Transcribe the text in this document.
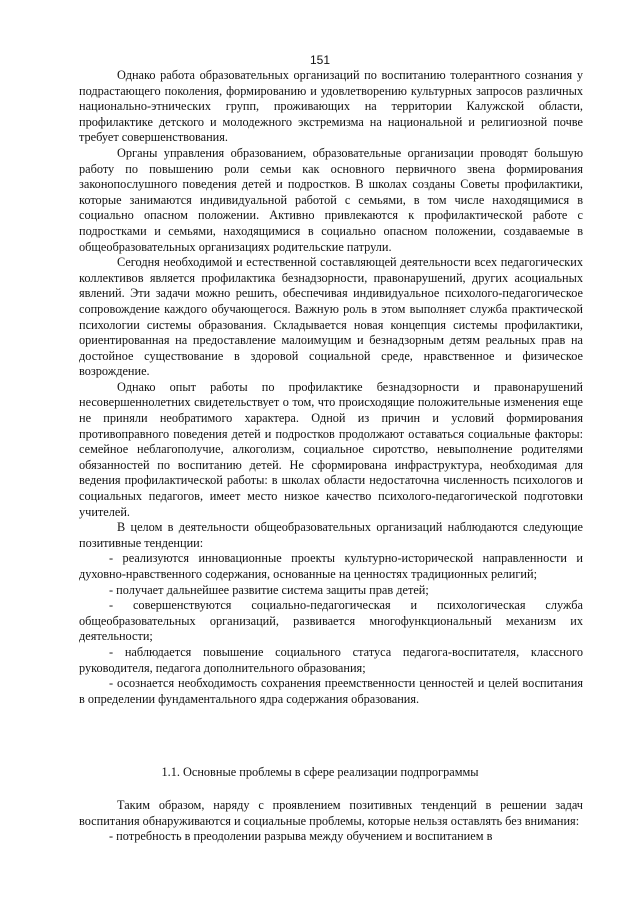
151

Однако работа образовательных организаций по воспитанию толерантного сознания у подрастающего поколения, формированию и удовлетворению культурных запросов различных национально-этнических групп, проживающих на территории Калужской области, профилактике детского и молодежного экстремизма на национальной и религиозной почве требует совершенствования.

Органы управления образованием, образовательные организации проводят большую работу по повышению роли семьи как основного первичного звена формирования законопослушного поведения детей и подростков. В школах созданы Советы профилактики, которые занимаются индивидуальной работой с семьями, в том числе находящимися в социально опасном положении. Активно привлекаются к профилактической работе с подростками и семьями, находящимися в социально опасном положении, создаваемые в общеобразовательных организациях родительские патрули.

Сегодня необходимой и естественной составляющей деятельности всех педагогических коллективов является профилактика безнадзорности, правонарушений, других асоциальных явлений. Эти задачи можно решить, обеспечивая индивидуальное психолого-педагогическое сопровождение каждого обучающегося. Важную роль в этом выполняет служба практической психологии системы образования. Складывается новая концепция системы профилактики, ориентированная на предоставление малоимущим и безнадзорным детям реальных прав на достойное существование в здоровой социальной среде, нравственное и физическое возрождение.

Однако опыт работы по профилактике безнадзорности и правонарушений несовершеннолетних свидетельствует о том, что происходящие положительные изменения еще не приняли необратимого характера. Одной из причин и условий формирования противоправного поведения детей и подростков продолжают оставаться социальные факторы: семейное неблагополучие, алкоголизм, социальное сиротство, невыполнение родителями обязанностей по воспитанию детей. Не сформирована инфраструктура, необходимая для ведения профилактической работы: в школах области недостаточна численность психологов и социальных педагогов, имеет место низкое качество психолого-педагогической подготовки учителей.

В целом в деятельности общеобразовательных организаций наблюдаются следующие позитивные тенденции:

- реализуются инновационные проекты культурно-исторической направленности и духовно-нравственного содержания, основанные на ценностях традиционных религий;

- получает дальнейшее развитие система защиты прав детей;

- совершенствуются социально-педагогическая и психологическая служба общеобразовательных организаций, развивается многофункциональный механизм их деятельности;

- наблюдается повышение социального статуса педагога-воспитателя, классного руководителя, педагога дополнительного образования;

- осознается необходимость сохранения преемственности ценностей и целей воспитания в определении фундаментального ядра содержания образования.

1.1. Основные проблемы в сфере реализации подпрограммы

Таким образом, наряду с проявлением позитивных тенденций в решении задач воспитания обнаруживаются и социальные проблемы, которые нельзя оставлять без внимания:

- потребность в преодолении разрыва между обучением и воспитанием в
